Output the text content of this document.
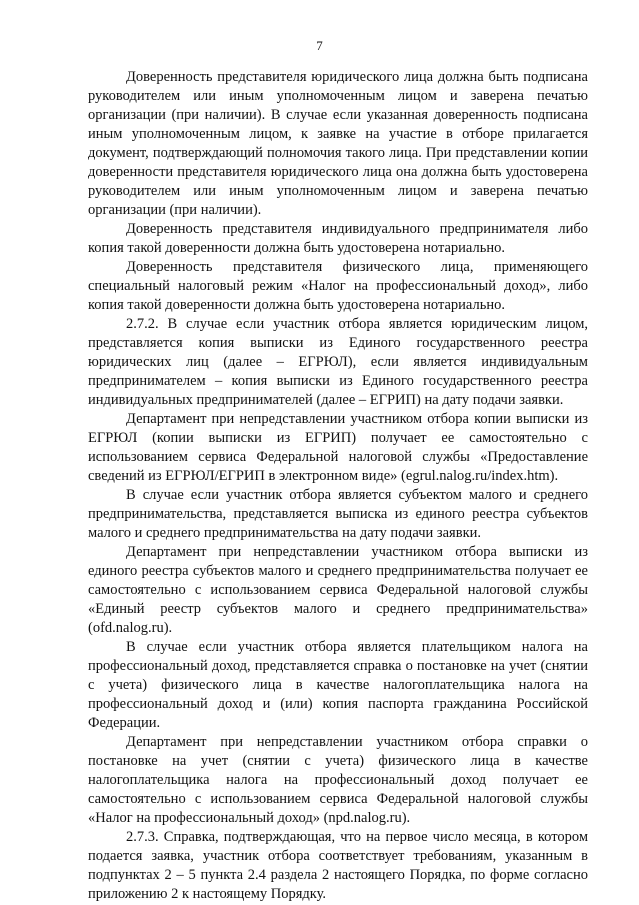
7

Доверенность представителя юридического лица должна быть подписана руководителем или иным уполномоченным лицом и заверена печатью организации (при наличии). В случае если указанная доверенность подписана иным уполномоченным лицом, к заявке на участие в отборе прилагается документ, подтверждающий полномочия такого лица. При представлении копии доверенности представителя юридического лица она должна быть удостоверена руководителем или иным уполномоченным лицом и заверена печатью организации (при наличии).

Доверенность представителя индивидуального предпринимателя либо копия такой доверенности должна быть удостоверена нотариально.

Доверенность представителя физического лица, применяющего специальный налоговый режим «Налог на профессиональный доход», либо копия такой доверенности должна быть удостоверена нотариально.

2.7.2. В случае если участник отбора является юридическим лицом, представляется копия выписки из Единого государственного реестра юридических лиц (далее – ЕГРЮЛ), если является индивидуальным предпринимателем – копия выписки из Единого государственного реестра индивидуальных предпринимателей (далее – ЕГРИП) на дату подачи заявки.

Департамент при непредставлении участником отбора копии выписки из ЕГРЮЛ (копии выписки из ЕГРИП) получает ее самостоятельно с использованием сервиса Федеральной налоговой службы «Предоставление сведений из ЕГРЮЛ/ЕГРИП в электронном виде» (egrul.nalog.ru/index.htm).

В случае если участник отбора является субъектом малого и среднего предпринимательства, представляется выписка из единого реестра субъектов малого и среднего предпринимательства на дату подачи заявки.

Департамент при непредставлении участником отбора выписки из единого реестра субъектов малого и среднего предпринимательства получает ее самостоятельно с использованием сервиса Федеральной налоговой службы «Единый реестр субъектов малого и среднего предпринимательства» (ofd.nalog.ru).

В случае если участник отбора является плательщиком налога на профессиональный доход, представляется справка о постановке на учет (снятии с учета) физического лица в качестве налогоплательщика налога на профессиональный доход и (или) копия паспорта гражданина Российской Федерации.

Департамент при непредставлении участником отбора справки о постановке на учет (снятии с учета) физического лица в качестве налогоплательщика налога на профессиональный доход получает ее самостоятельно с использованием сервиса Федеральной налоговой службы «Налог на профессиональный доход» (npd.nalog.ru).

2.7.3. Справка, подтверждающая, что на первое число месяца, в котором подается заявка, участник отбора соответствует требованиям, указанным в подпунктах 2 – 5 пункта 2.4 раздела 2 настоящего Порядка, по форме согласно приложению 2 к настоящему Порядку.
